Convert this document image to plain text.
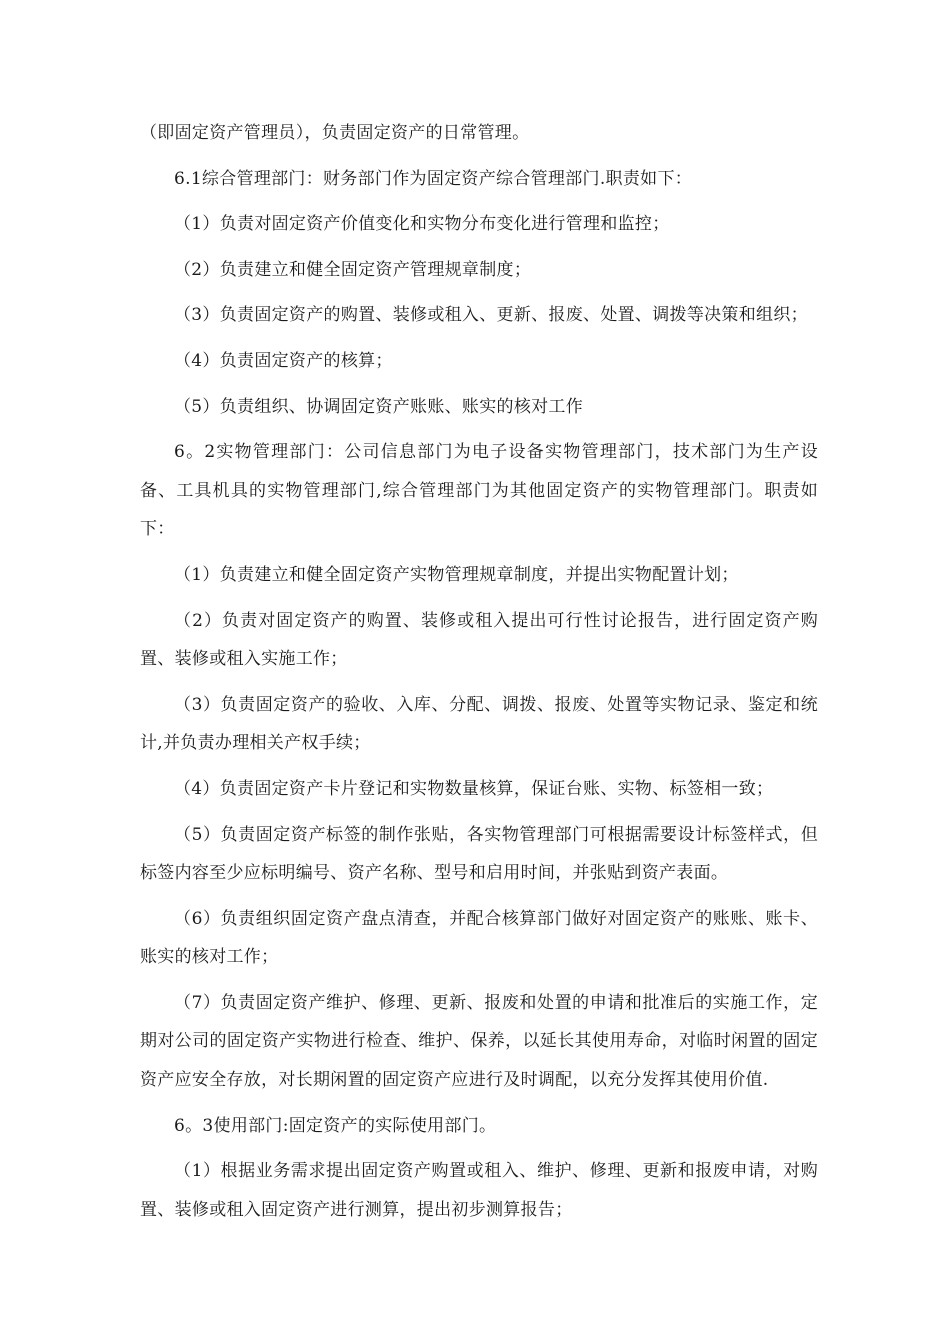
（即固定资产管理员），负责固定资产的日常管理。

6.1综合管理部门：财务部门作为固定资产综合管理部门.职责如下：

（1）负责对固定资产价值变化和实物分布变化进行管理和监控；

（2）负责建立和健全固定资产管理规章制度；

（3）负责固定资产的购置、装修或租入、更新、报废、处置、调拨等决策和组织；

（4）负责固定资产的核算；

（5）负责组织、协调固定资产账账、账实的核对工作

6。2实物管理部门：公司信息部门为电子设备实物管理部门，技术部门为生产设备、工具机具的实物管理部门,综合管理部门为其他固定资产的实物管理部门。职责如下：

（1）负责建立和健全固定资产实物管理规章制度，并提出实物配置计划；

（2）负责对固定资产的购置、装修或租入提出可行性讨论报告，进行固定资产购置、装修或租入实施工作；

（3）负责固定资产的验收、入库、分配、调拨、报废、处置等实物记录、鉴定和统计,并负责办理相关产权手续；

（4）负责固定资产卡片登记和实物数量核算，保证台账、实物、标签相一致；

（5）负责固定资产标签的制作张贴，各实物管理部门可根据需要设计标签样式，但标签内容至少应标明编号、资产名称、型号和启用时间，并张贴到资产表面。

（6）负责组织固定资产盘点清查，并配合核算部门做好对固定资产的账账、账卡、账实的核对工作；

（7）负责固定资产维护、修理、更新、报废和处置的申请和批准后的实施工作，定期对公司的固定资产实物进行检查、维护、保养，以延长其使用寿命，对临时闲置的固定资产应安全存放，对长期闲置的固定资产应进行及时调配，以充分发挥其使用价值.

6。3使用部门:固定资产的实际使用部门。

（1）根据业务需求提出固定资产购置或租入、维护、修理、更新和报废申请，对购置、装修或租入固定资产进行测算，提出初步测算报告；
